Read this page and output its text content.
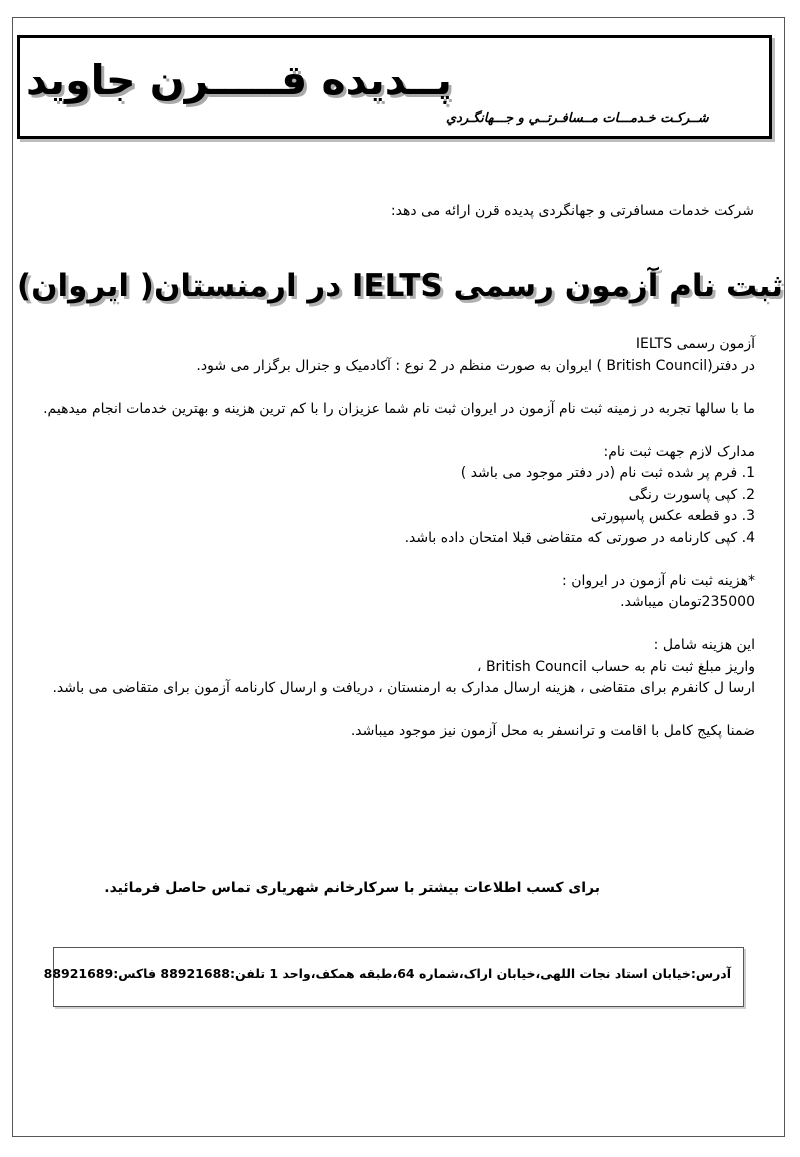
پــدیده قـــــرن جاوید
شــرکـت خـدمـــات مــسافـرتــي و جـــهانگـردي
شرکت خدمات مسافرتی و جهانگردی پدیده قرن ارائه می دهد:
ثبت نام آزمون رسمی IELTS در ارمنستان( ایروان)

آزمون رسمی IELTS

در دفتر(British Council ) ایروان به صورت منظم در 2 نوع : آکادمیک و جنرال برگزار می شود.

ما با سالها تجربه در زمینه ثبت نام آزمون در ایروان ثبت نام شما عزیزان را با کم ترین هزینه و بهترین خدمات انجام میدهیم.

مدارک لازم جهت ثبت نام:

1. فرم پر شده ثبت نام (در دفتر موجود می باشد )

2. کپی پاسورت رنگی

3. دو قطعه عکس پاسپورتی

4. کپی کارنامه در صورتی که متقاضی قبلا امتحان داده باشد.

*هزینه ثبت نام آزمون در ایروان :

235000تومان میباشد.

این هزینه شامل :

واریز مبلغ ثبت نام به حساب British Council ،

ارسا ل کانفرم برای متقاضی ، هزینه ارسال مدارک به ارمنستان ، دریافت و ارسال کارنامه آزمون برای متقاضی می باشد.

ضمنا پکیج کامل با اقامت و ترانسفر به محل آزمون نیز موجود میباشد.

برای کسب اطلاعات بیشتر با سرکارخانم شهریاری تماس حاصل فرمائید.
آدرس:خیابان استاد نجات اللهی،خیابان اراک،شماره 64،طبقه همکف،واحد 1 تلفن:88921688 فاکس:88921689
